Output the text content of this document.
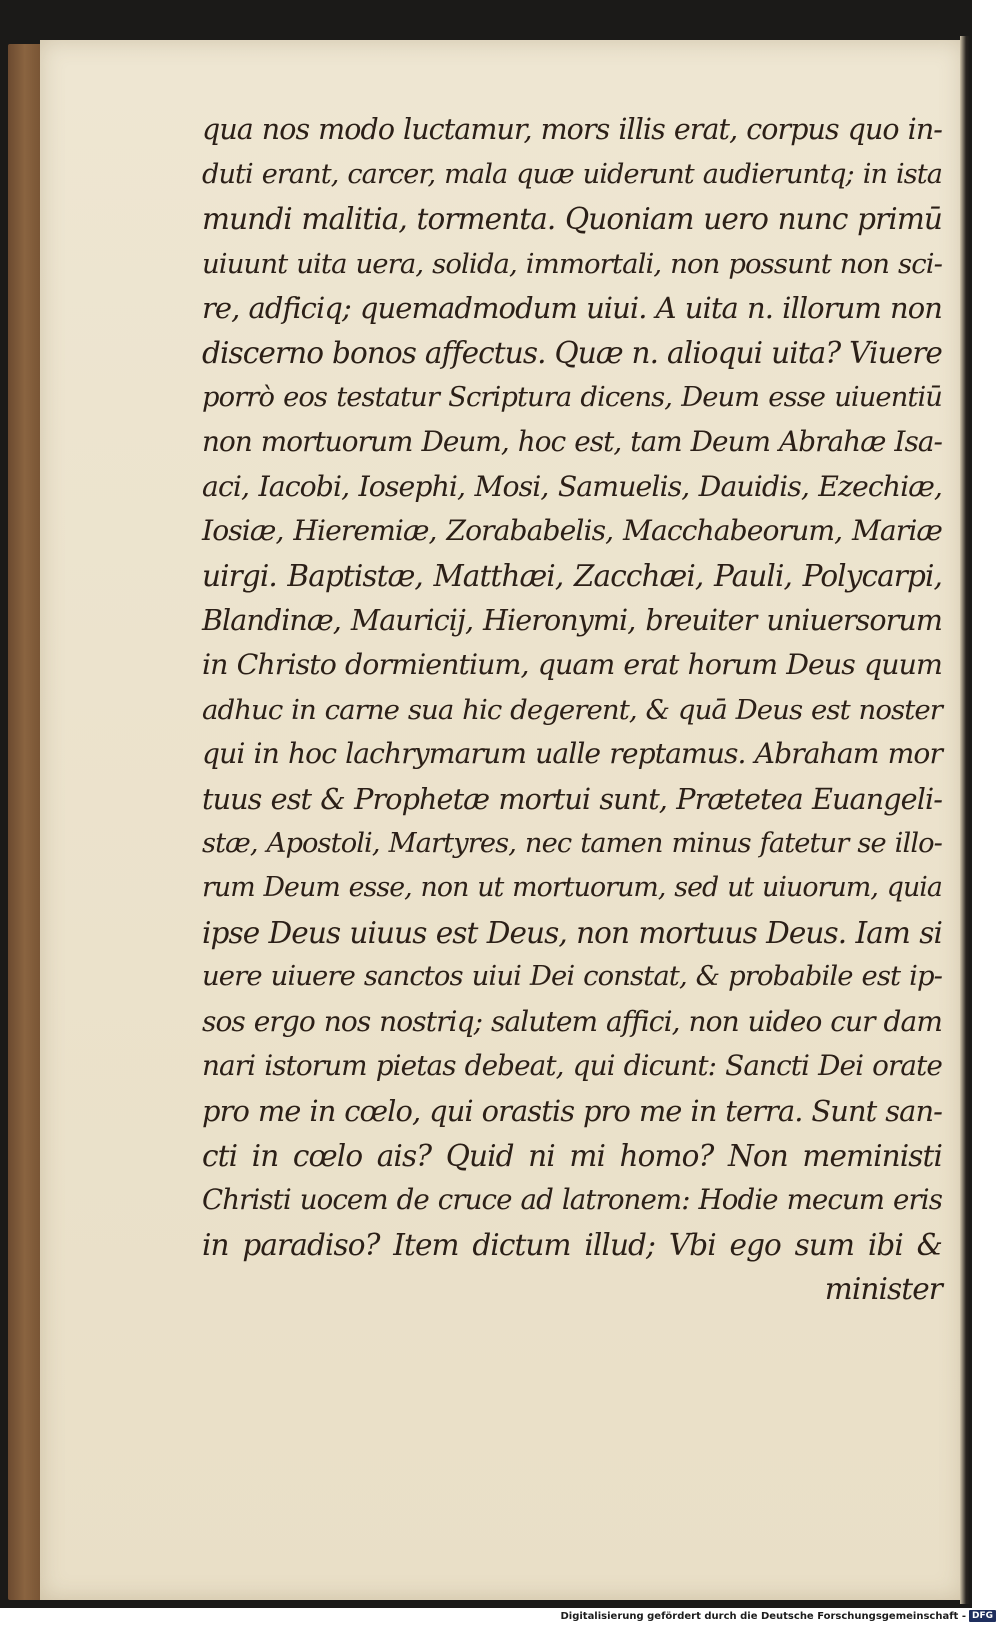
qua nos modo luctamur, mors illis erat, corpus quo in-
duti erant, carcer, mala quæ uiderunt audieruntq; in ista
mundi malitia, tormenta. Quoniam uero nunc primū
uiuunt uita uera, solida, immortali, non possunt non sci-
re, adficiq; quemadmodum uiui. A uita n. illorum non
discerno bonos affectus. Quæ n. alioqui uita? Viuere
porrò eos testatur Scriptura dicens, Deum esse uiuentiū
non mortuorum Deum, hoc est, tam Deum Abrahæ Isa-
aci, Iacobi, Iosephi, Mosi, Samuelis, Dauidis, Ezechiæ,
Iosiæ, Hieremiæ, Zorababelis, Macchabeorum, Mariæ
uirgi. Baptistæ, Matthæi, Zacchæi, Pauli, Polycarpi,
Blandinæ, Mauricij, Hieronymi, breuiter uniuersorum
in Christo dormientium, quam erat horum Deus quum
adhuc in carne sua hic degerent, & quā Deus est noster
qui in hoc lachrymarum ualle reptamus. Abraham mor
tuus est & Prophetæ mortui sunt, Prætetea Euangeli-
stæ, Apostoli, Martyres, nec tamen minus fatetur se illo-
rum Deum esse, non ut mortuorum, sed ut uiuorum, quia
ipse Deus uiuus est Deus, non mortuus Deus. Iam si
uere uiuere sanctos uiui Dei constat, & probabile est ip-
sos ergo nos nostriq; salutem affici, non uideo cur dam
nari istorum pietas debeat, qui dicunt: Sancti Dei orate
pro me in cœlo, qui orastis pro me in terra. Sunt san-
cti in cœlo ais? Quid ni mi homo? Non meministi
Christi uocem de cruce ad latronem: Hodie mecum eris
in paradiso? Item dictum illud; Vbi ego sum ibi &
minister
Digitalisierung gefördert durch die Deutsche Forschungsgemeinschaft - DFG
